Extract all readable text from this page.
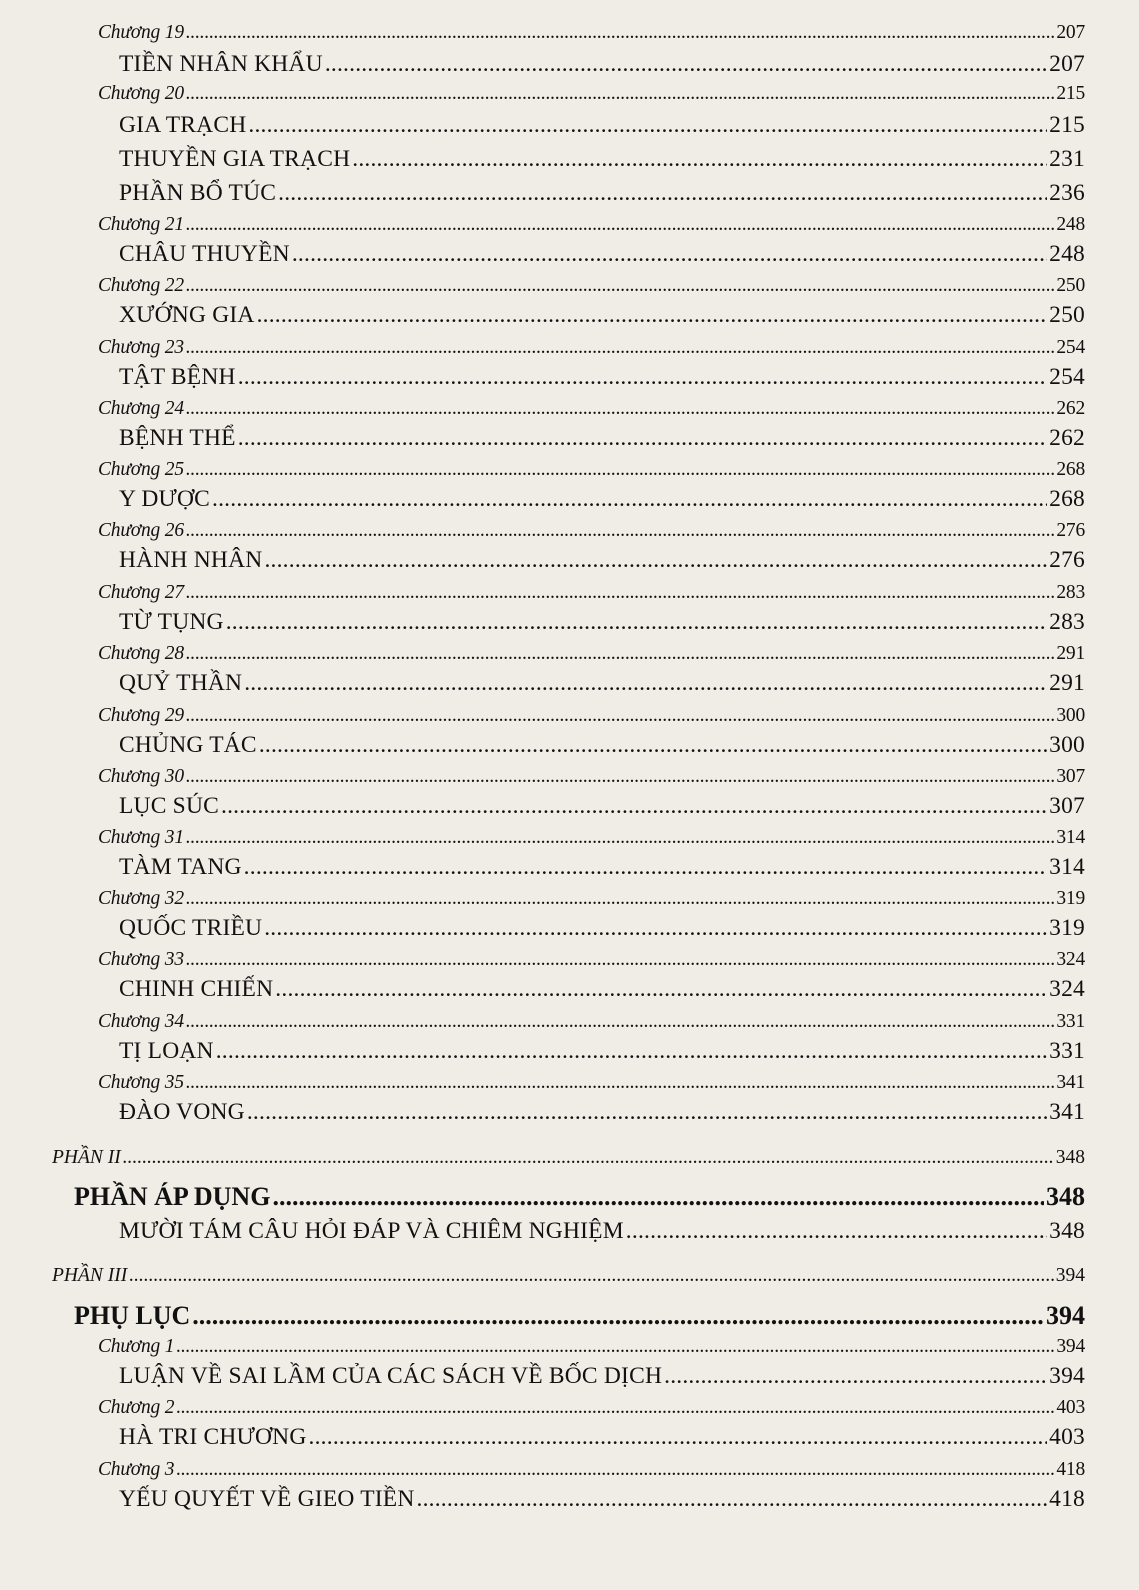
Chương 19 .....	207
TIỀN NHÂN KHẨU .....	207
Chương 20 .....	215
GIA TRẠCH .....	215
THUYỀN GIA TRẠCH .....	231
PHẦN BỔ TÚC .....	236
Chương 21 .....	248
CHÂU THUYỀN .....	248
Chương 22 .....	250
XƯỚNG GIA .....	250
Chương 23 .....	254
TẬT BỆNH .....	254
Chương 24 .....	262
BỆNH THỂ .....	262
Chương 25 .....	268
Y DƯỢC .....	268
Chương 26 .....	276
HÀNH NHÂN .....	276
Chương 27 .....	283
TỪ TỤNG .....	283
Chương 28 .....	291
QUỶ THẦN .....	291
Chương 29 .....	300
CHỦNG TÁC .....	300
Chương 30 .....	307
LỤC SÚC .....	307
Chương 31 .....	314
TÀM TANG .....	314
Chương 32 .....	319
QUỐC TRIỀU .....	319
Chương 33 .....	324
CHINH CHIẾN .....	324
Chương 34 .....	331
TỊ LOẠN .....	331
Chương 35 .....	341
ĐÀO VONG .....	341
PHẦN II .....	348
PHẦN ÁP DỤNG .....	348
MƯỜI TÁM CÂU HỎI ĐÁP VÀ CHIÊM NGHIỆM .....	348
PHẦN III .....	394
PHỤ LỤC .....	394
Chương 1 .....	394
LUẬN VỀ SAI LẦM CỦA CÁC SÁCH VỀ BỐC DỊCH .....	394
Chương 2 .....	403
HÀ TRI CHƯƠNG .....	403
Chương 3 .....	418
YẾU QUYẾT VỀ GIEO TIỀN .....	418
